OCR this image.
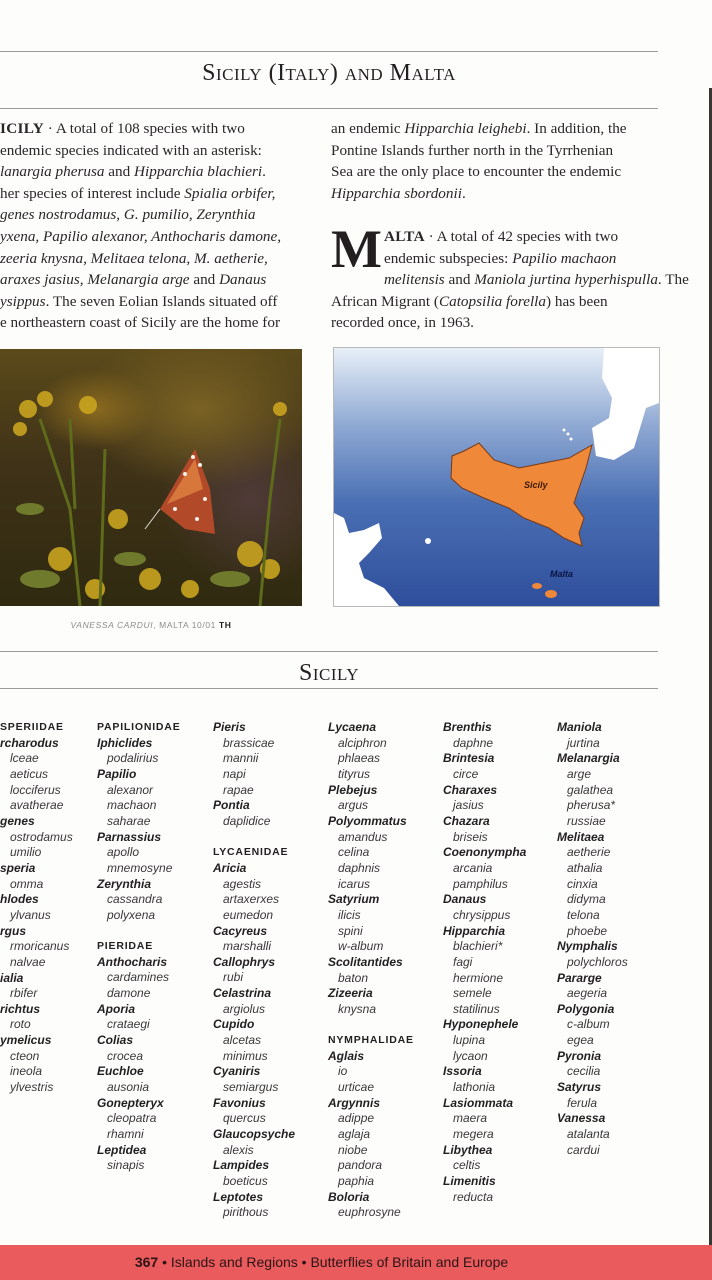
Sicily (Italy) and Malta
ICILY · A total of 108 species with two
endemic species indicated with an asterisk:
lanargia pherusa and Hipparchia blachieri.
her species of interest include Spialia orbifer,
genes nostrodamus, G. pumilio, Zerynthia
yxena, Papilio alexanor, Anthocharis damone,
zeeria knysna, Melitaea telona, M. aetherie,
araxes jasius, Melanargia arge and Danaus
ysippus. The seven Eolian Islands situated off
e northeastern coast of Sicily are the home for
an endemic Hipparchia leighebi. In addition, the
Pontine Islands further north in the Tyrrhenian
Sea are the only place to encounter the endemic
Hipparchia sbordonii.
M ALTA · A total of 42 species with two
endemic subspecies: Papilio machaon
melitensis and Maniola jurtina hyperhispulla. The
African Migrant (Catopsilia forella) has been
recorded once, in 1963.
VANESSA CARDUI, MALTA 10/01 TH
Sicily
Malta
Sicily
SPERIIDAE
rcharodus
lceae
aeticus
locciferus
avatherae
genes
ostrodamus
umilio
speria
omma
hlodes
ylvanus
rgus
rmoricanus
nalvae
ialia
rbifer
richtus
roto
ymelicus
cteon
ineola
ylvestris
PAPILIONIDAE
Iphiclides
podalirius
Papilio
alexanor
machaon
saharae
Parnassius
apollo
mnemosyne
Zerynthia
cassandra
polyxena
PIERIDAE
Anthocharis
cardamines
damone
Aporia
crataegi
Colias
crocea
Euchloe
ausonia
Gonepteryx
cleopatra
rhamni
Leptidea
sinapis
Pieris
brassicae
mannii
napi
rapae
Pontia
daplidice
LYCAENIDAE
Aricia
agestis
artaxerxes
eumedon
Cacyreus
marshalli
Callophrys
rubi
Celastrina
argiolus
Cupido
alcetas
minimus
Cyaniris
semiargus
Favonius
quercus
Glaucopsyche
alexis
Lampides
boeticus
Leptotes
pirithous
Lycaena
alciphron
phlaeas
tityrus
Plebejus
argus
Polyommatus
amandus
celina
daphnis
icarus
Satyrium
ilicis
spini
w-album
Scolitantides
baton
Zizeeria
knysna
NYMPHALIDAE
Aglais
io
urticae
Argynnis
adippe
aglaja
niobe
pandora
paphia
Boloria
euphrosyne
Brenthis
daphne
Brintesia
circe
Charaxes
jasius
Chazara
briseis
Coenonympha
arcania
pamphilus
Danaus
chrysippus
Hipparchia
blachieri*
fagi
hermione
semele
statilinus
Hyponephele
lupina
lycaon
Issoria
lathonia
Lasiommata
maera
megera
Libythea
celtis
Limenitis
reducta
Maniola
jurtina
Melanargia
arge
galathea
pherusa*
russiae
Melitaea
aetherie
athalia
cinxia
didyma
telona
phoebe
Nymphalis
polychloros
Pararge
aegeria
Polygonia
c-album
egea
Pyronia
cecilia
Satyrus
ferula
Vanessa
atalanta
cardui
367 • Islands and Regions • Butterflies of Britain and Europe
